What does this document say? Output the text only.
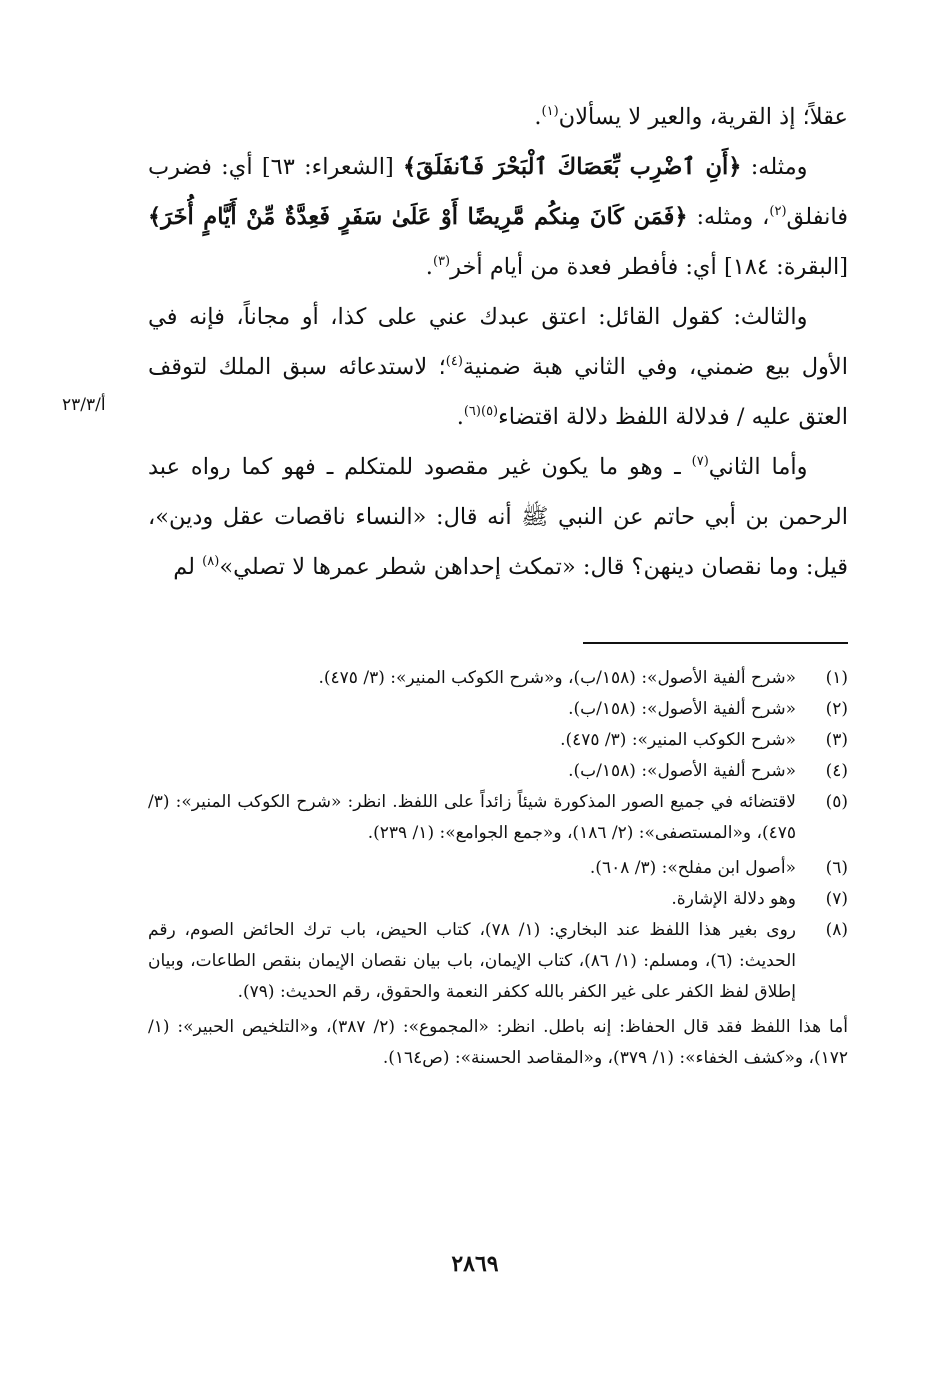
عقلاً؛ إذ القرية، والعير لا يسألان$^{(١)}$.

ومثله: ﴿أَنِ ٱضْرِب بِّعَصَاكَ ٱلْبَحْرَ فَٱنفَلَقَ﴾ [الشعراء: ٦٣] أي: فضرب فانفلق$^{(٢)}$، ومثله: ﴿فَمَن كَانَ مِنكُم مَّرِيضًا أَوْ عَلَىٰ سَفَرٍ فَعِدَّةٌ مِّنْ أَيَّامٍ أُخَرَ﴾ [البقرة: ١٨٤] أي: فأفطر فعدة من أيام أخر$^{(٣)}$.

والثالث: كقول القائل: اعتق عبدك عني على كذا، أو مجاناً، فإنه في الأول بيع ضمني، وفي الثاني هبة ضمنية$^{(٤)}$؛ لاستدعائه سبق الملك لتوقف العتق عليه / فدلالة اللفظ دلالة اقتضاء$^{(٥)(٦)}$.

وأما الثاني$^{(٧)}$ ـ وهو ما يكون غير مقصود للمتكلم ـ فهو كما رواه عبد الرحمن بن أبي حاتم عن النبي ﷺ أنه قال: «النساء ناقصات عقل ودين»، قيل: وما نقصان دينهن؟ قال: «تمكث إحداهن شطر عمرها لا تصلي»$^{(٨)}$ لم

أ/٢٣/٣
(١)
«شرح ألفية الأصول»: (١٥٨/ب)، و«شرح الكوكب المنير»: (٣/ ٤٧٥).
(٢)
«شرح ألفية الأصول»: (١٥٨/ب).
(٣)
«شرح الكوكب المنير»: (٣/ ٤٧٥).
(٤)
«شرح ألفية الأصول»: (١٥٨/ب).
(٥)
لاقتضائه في جميع الصور المذكورة شيئاً زائداً على اللفظ. انظر: «شرح الكوكب المنير»: (٣/ ٤٧٥)، و«المستصفى»: (٢/ ١٨٦)، و«جمع الجوامع»: (١/ ٢٣٩).
(٦)
«أصول ابن مفلح»: (٣/ ٦٠٨).
(٧)
وهو دلالة الإشارة.
(٨)
روى بغير هذا اللفظ عند البخاري: (١/ ٧٨)، كتاب الحيض، باب ترك الحائض الصوم، رقم الحديث: (٦)، ومسلم: (١/ ٨٦)، كتاب الإيمان، باب بيان نقصان الإيمان بنقص الطاعات، وبيان إطلاق لفظ الكفر على غير الكفر بالله ككفر النعمة والحقوق، رقم الحديث: (٧٩).
أما هذا اللفظ فقد قال الحفاظ: إنه باطل. انظر: «المجموع»: (٢/ ٣٨٧)، و«التلخيص الحبير»: (١/ ١٧٢)، و«كشف الخفاء»: (١/ ٣٧٩)، و«المقاصد الحسنة»: (ص١٦٤).
٢٨٦٩
